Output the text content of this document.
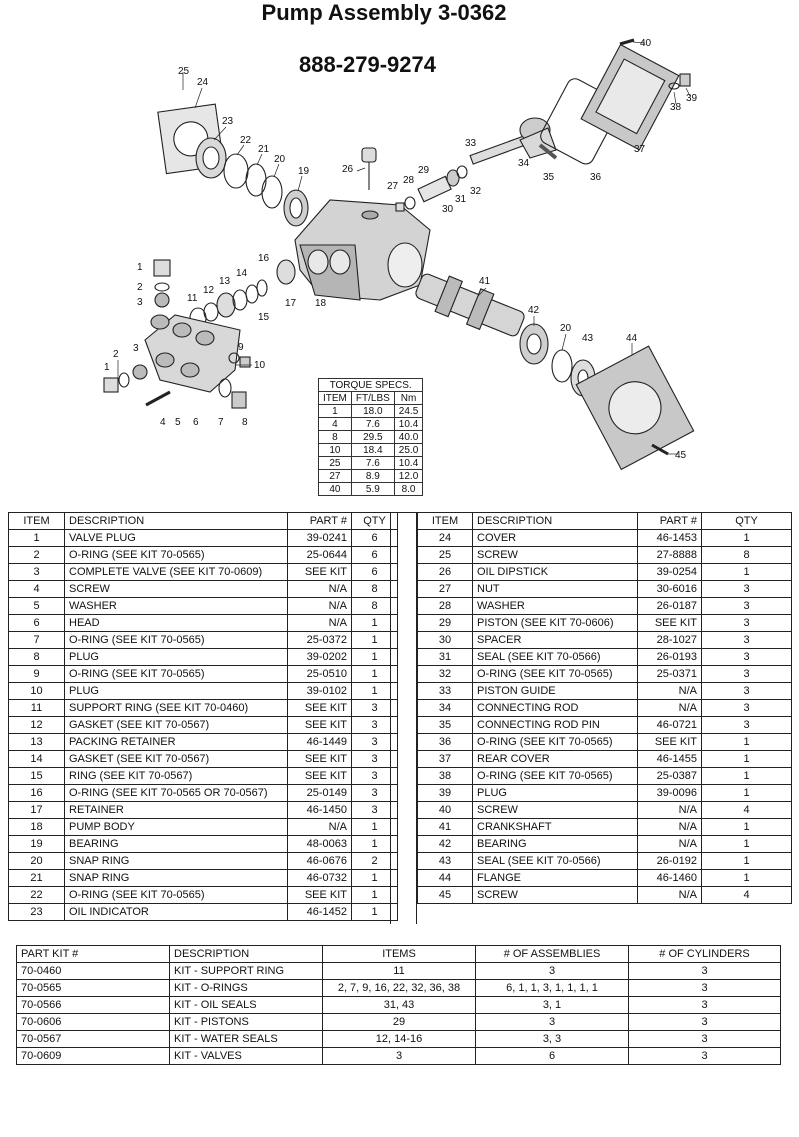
Pump Assembly 3-0362
888-279-9274
25
24
23
22
21
20
19	26
18
27
28
29
30
31
32
33
34
35	36
37
38
39
40
41
42
20
43	44
45
1
2
3	11
12
13
14
15
16
17
2
3
1
4 5 6 7 8
9
10
TORQUE SPECS.		
ITEM	FT/LBS	Nm
1	18.0	24.5
4	7.6	10.4
8	29.5	40.0
10	18.4	25.0
25	7.6	10.4
27	8.9	12.0
40	5.9	8.0
ITEM	DESCRIPTION	PART #	QTY
1	VALVE PLUG	39-0241	6
2	O-RING (SEE KIT 70-0565)	25-0644	6
3	COMPLETE VALVE (SEE KIT 70-0609)	SEE KIT	6
4	SCREW	N/A	8
5	WASHER	N/A	8
6	HEAD	N/A	1
7	O-RING (SEE KIT 70-0565)	25-0372	1
8	PLUG	39-0202	1
9	O-RING (SEE KIT 70-0565)	25-0510	1
10	PLUG	39-0102	1
11	SUPPORT RING (SEE KIT 70-0460)	SEE KIT	3
12	GASKET (SEE KIT 70-0567)	SEE KIT	3
13	PACKING RETAINER	46-1449	3
14	GASKET (SEE KIT 70-0567)	SEE KIT	3
15	RING (SEE KIT 70-0567)	SEE KIT	3
16	O-RING (SEE KIT 70-0565 OR 70-0567)	25-0149	3
17	RETAINER	46-1450	3
18	PUMP BODY	N/A	1
19	BEARING	48-0063	1
20	SNAP RING	46-0676	2
21	SNAP RING	46-0732	1
22	O-RING (SEE KIT 70-0565)	SEE KIT	1
23	OIL INDICATOR	46-1452	1
ITEM	DESCRIPTION	PART #	QTY
24	COVER	46-1453	1
25	SCREW	27-8888	8
26	OIL DIPSTICK	39-0254	1
27	NUT	30-6016	3
28	WASHER	26-0187	3
29	PISTON (SEE KIT 70-0606)	SEE KIT	3
30	SPACER	28-1027	3
31	SEAL (SEE KIT 70-0566)	26-0193	3
32	O-RING (SEE KIT 70-0565)	25-0371	3
33	PISTON GUIDE	N/A	3
34	CONNECTING ROD	N/A	3
35	CONNECTING ROD PIN	46-0721	3
36	O-RING (SEE KIT 70-0565)	SEE KIT	1
37	REAR COVER	46-1455	1
38	O-RING (SEE KIT 70-0565)	25-0387	1
39	PLUG	39-0096	1
40	SCREW	N/A	4
41	CRANKSHAFT	N/A	1
42	BEARING	N/A	1
43	SEAL (SEE KIT 70-0566)	26-0192	1
44	FLANGE	46-1460	1
45	SCREW	N/A	4
PART KIT #	DESCRIPTION	ITEMS	# OF ASSEMBLIES	# OF CYLINDERS
70-0460	KIT - SUPPORT RING	11	3	3
70-0565	KIT - O-RINGS	2, 7, 9, 16, 22, 32, 36, 38	6, 1, 1, 3, 1, 1, 1, 1	3
70-0566	KIT - OIL SEALS	31, 43	3, 1	3
70-0606	KIT - PISTONS	29	3	3
70-0567	KIT - WATER SEALS	12, 14-16	3, 3	3
70-0609	KIT - VALVES	3	6	3
